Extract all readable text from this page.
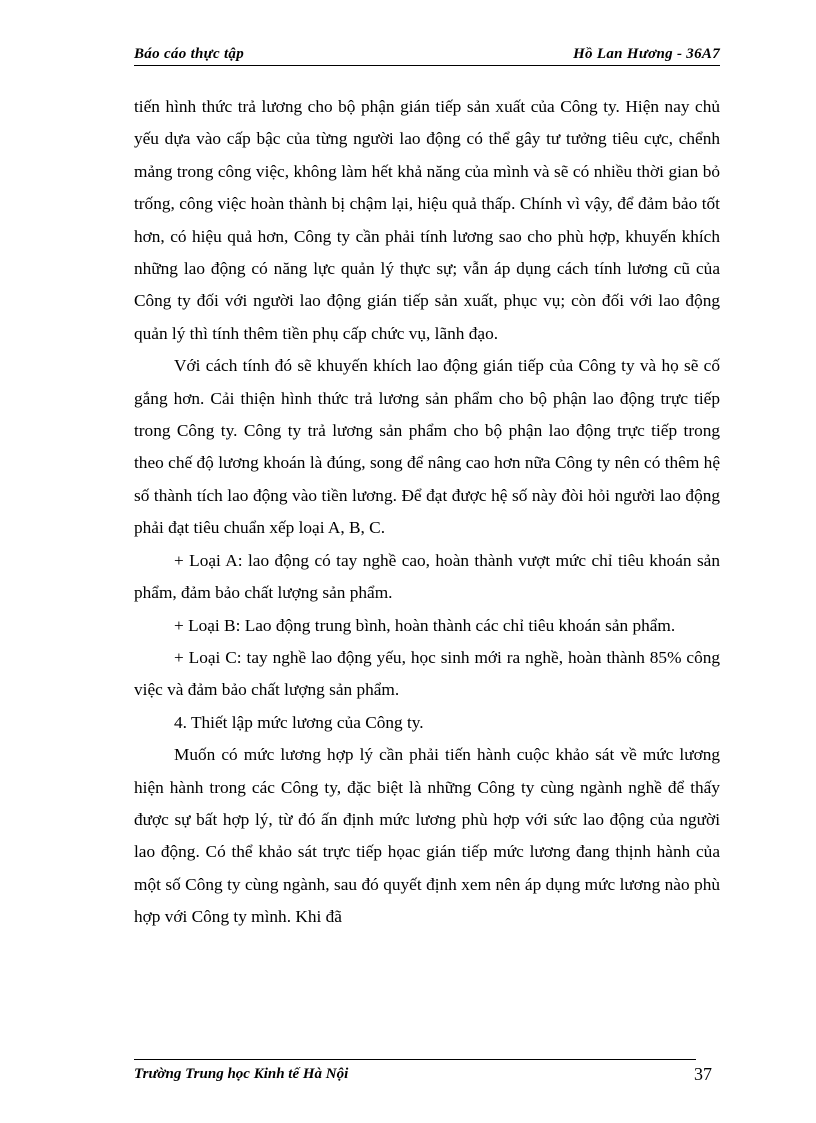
Báo cáo thực tập	Hồ Lan Hương - 36A7

tiến hình thức trả lương cho bộ phận gián tiếp sản xuất của Công ty. Hiện nay chủ yếu dựa vào cấp bậc của từng người lao động có thể gây tư tưởng tiêu cực, chểnh mảng trong công việc, không làm hết khả năng của mình và sẽ có nhiều thời gian bỏ trống, công việc hoàn thành bị chậm lại, hiệu quả thấp. Chính vì vậy, để đảm bảo tốt hơn, có hiệu quả hơn, Công ty cần phải tính lương sao cho phù hợp, khuyến khích những lao động có năng lực quản lý thực sự; vẫn áp dụng cách tính lương cũ của Công ty đối với người lao động gián tiếp sản xuất, phục vụ; còn đối với lao động quản lý thì tính thêm tiền phụ cấp chức vụ, lãnh đạo.

Với cách tính đó sẽ khuyến khích lao động gián tiếp của Công ty và họ sẽ cố gắng hơn. Cải thiện hình thức trả lương sản phẩm cho bộ phận lao động trực tiếp trong Công ty. Công ty trả lương sản phẩm cho bộ phận lao động trực tiếp trong theo chế độ lương khoán là đúng, song để nâng cao hơn nữa Công ty nên có thêm hệ số thành tích lao động vào tiền lương. Để đạt được hệ số này đòi hỏi người lao động phải đạt tiêu chuẩn xếp loại A, B, C.

+ Loại A: lao động có tay nghề cao, hoàn thành vượt mức chỉ tiêu khoán sản phẩm, đảm bảo chất lượng sản phẩm.

+ Loại B: Lao động trung bình, hoàn thành các chỉ tiêu khoán sản phẩm.

+ Loại C: tay nghề lao động yếu, học sinh mới ra nghề, hoàn thành 85% công việc và đảm bảo chất lượng sản phẩm.

4. Thiết lập mức lương của Công ty.

Muốn có mức lương hợp lý cần phải tiến hành cuộc khảo sát về mức lương hiện hành trong các Công ty, đặc biệt là những Công ty cùng ngành nghề để thấy được sự bất hợp lý, từ đó ấn định mức lương phù hợp với sức lao động của người lao động. Có thể khảo sát trực tiếp họac gián tiếp mức lương đang thịnh hành của một số Công ty cùng ngành, sau đó quyết định xem nên áp dụng mức lương nào phù hợp với Công ty mình. Khi đã

Trường Trung học Kinh tế Hà Nội	37
